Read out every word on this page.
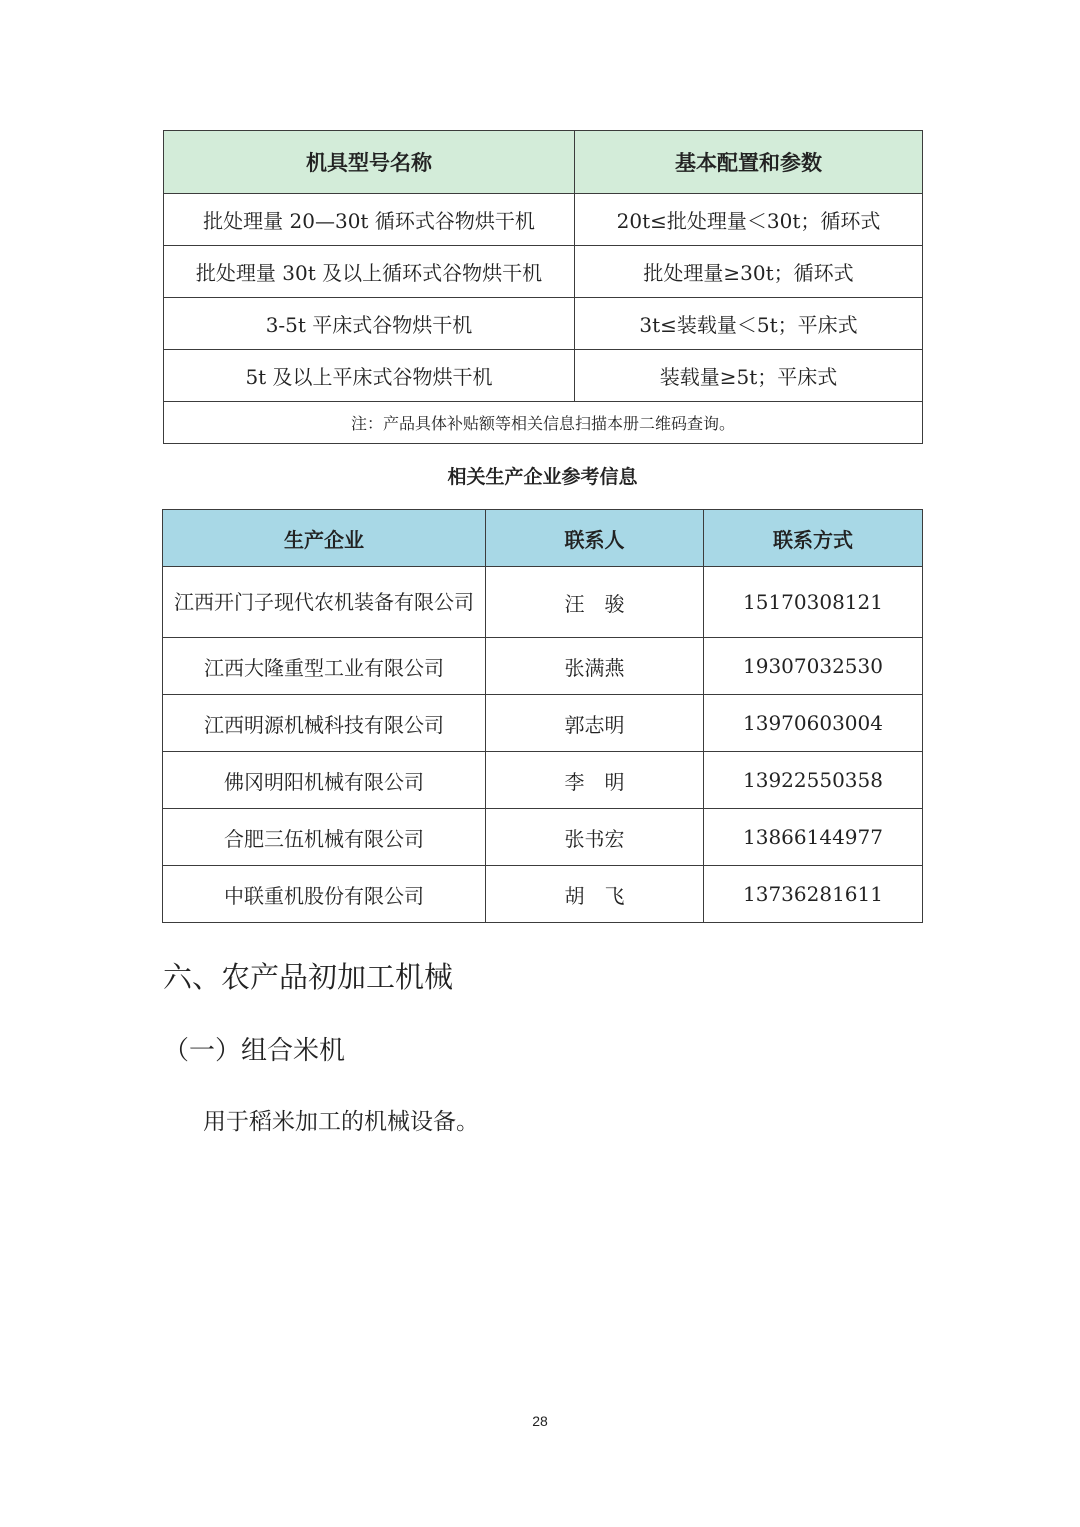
机具型号名称	基本配置和参数
批处理量 20—30t 循环式谷物烘干机	20t≤批处理量＜30t；循环式
批处理量 30t 及以上循环式谷物烘干机	批处理量≥30t；循环式
3-5t 平床式谷物烘干机	3t≤装载量＜5t；平床式
5t 及以上平床式谷物烘干机	装载量≥5t；平床式
注：产品具体补贴额等相关信息扫描本册二维码查询。	
相关生产企业参考信息
生产企业	联系人	联系方式
江西开门子现代农机装备有限公司	汪　骏	15170308121
江西大隆重型工业有限公司	张满燕	19307032530
江西明源机械科技有限公司	郭志明	13970603004
佛冈明阳机械有限公司	李　明	13922550358
合肥三伍机械有限公司	张书宏	13866144977
中联重机股份有限公司	胡　飞	13736281611
六、农产品初加工机械
（一）组合米机

用于稻米加工的机械设备。

28
